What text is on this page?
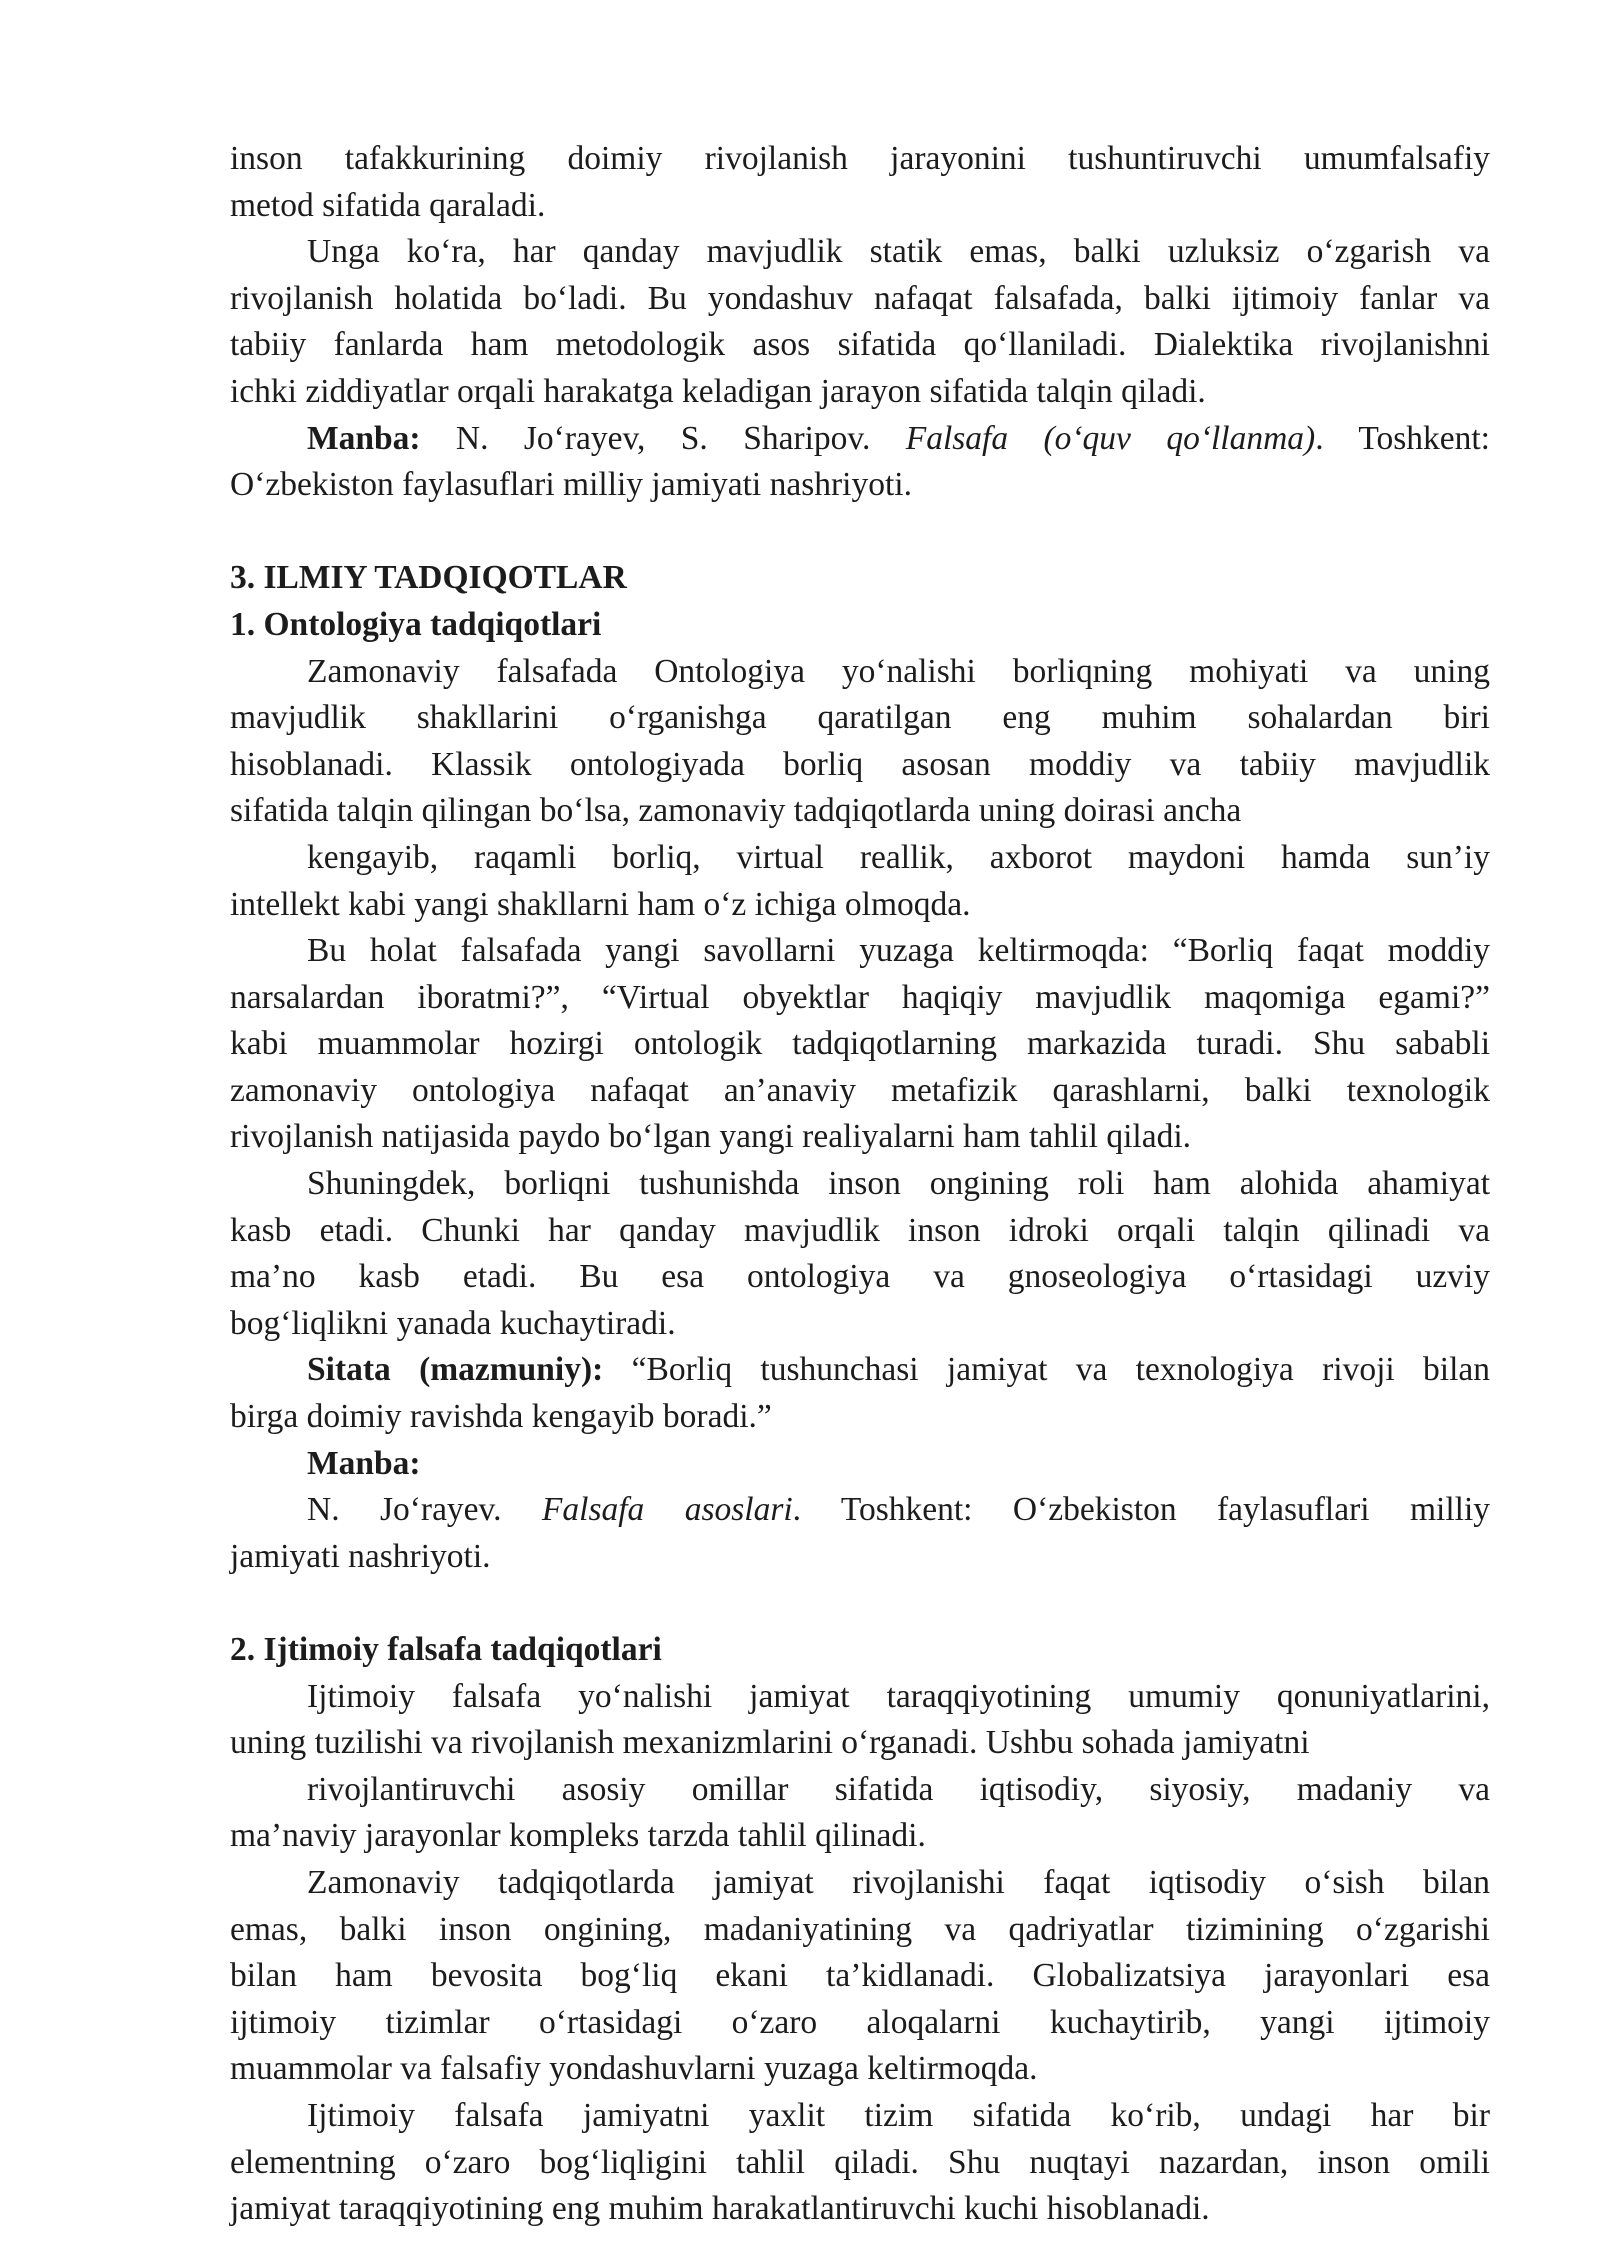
inson tafakkurining doimiy rivojlanish jarayonini tushuntiruvchi umumfalsafiy
metod sifatida qaraladi.
Unga ko‘ra, har qanday mavjudlik statik emas, balki uzluksiz o‘zgarish va
rivojlanish holatida bo‘ladi. Bu yondashuv nafaqat falsafada, balki ijtimoiy fanlar va
tabiiy fanlarda ham metodologik asos sifatida qo‘llaniladi. Dialektika rivojlanishni
ichki ziddiyatlar orqali harakatga keladigan jarayon sifatida talqin qiladi.
Manba: N. Jo‘rayev, S. Sharipov. Falsafa (o‘quv qo‘llanma). Toshkent:
O‘zbekiston faylasuflari milliy jamiyati nashriyoti.
3. ILMIY TADQIQOTLAR
1. Ontologiya tadqiqotlari
Zamonaviy falsafada Ontologiya yo‘nalishi borliqning mohiyati va uning
mavjudlik shakllarini o‘rganishga qaratilgan eng muhim sohalardan biri
hisoblanadi. Klassik ontologiyada borliq asosan moddiy va tabiiy mavjudlik
sifatida talqin qilingan bo‘lsa, zamonaviy tadqiqotlarda uning doirasi ancha
kengayib, raqamli borliq, virtual reallik, axborot maydoni hamda sun’iy
intellekt kabi yangi shakllarni ham o‘z ichiga olmoqda.
Bu holat falsafada yangi savollarni yuzaga keltirmoqda: “Borliq faqat moddiy
narsalardan iboratmi?”, “Virtual obyektlar haqiqiy mavjudlik maqomiga egami?”
kabi muammolar hozirgi ontologik tadqiqotlarning markazida turadi. Shu sababli
zamonaviy ontologiya nafaqat an’anaviy metafizik qarashlarni, balki texnologik
rivojlanish natijasida paydo bo‘lgan yangi realiyalarni ham tahlil qiladi.
Shuningdek, borliqni tushunishda inson ongining roli ham alohida ahamiyat
kasb etadi. Chunki har qanday mavjudlik inson idroki orqali talqin qilinadi va
ma’no kasb etadi. Bu esa ontologiya va gnoseologiya o‘rtasidagi uzviy
bog‘liqlikni yanada kuchaytiradi.
Sitata (mazmuniy): “Borliq tushunchasi jamiyat va texnologiya rivoji bilan
birga doimiy ravishda kengayib boradi.”
Manba:
N. Jo‘rayev. Falsafa asoslari. Toshkent: O‘zbekiston faylasuflari milliy
jamiyati nashriyoti.
2. Ijtimoiy falsafa tadqiqotlari
Ijtimoiy falsafa yo‘nalishi jamiyat taraqqiyotining umumiy qonuniyatlarini,
uning tuzilishi va rivojlanish mexanizmlarini o‘rganadi. Ushbu sohada jamiyatni
rivojlantiruvchi asosiy omillar sifatida iqtisodiy, siyosiy, madaniy va
ma’naviy jarayonlar kompleks tarzda tahlil qilinadi.
Zamonaviy tadqiqotlarda jamiyat rivojlanishi faqat iqtisodiy o‘sish bilan
emas, balki inson ongining, madaniyatining va qadriyatlar tizimining o‘zgarishi
bilan ham bevosita bog‘liq ekani ta’kidlanadi. Globalizatsiya jarayonlari esa
ijtimoiy tizimlar o‘rtasidagi o‘zaro aloqalarni kuchaytirib, yangi ijtimoiy
muammolar va falsafiy yondashuvlarni yuzaga keltirmoqda.
Ijtimoiy falsafa jamiyatni yaxlit tizim sifatida ko‘rib, undagi har bir
elementning o‘zaro bog‘liqligini tahlil qiladi. Shu nuqtayi nazardan, inson omili
jamiyat taraqqiyotining eng muhim harakatlantiruvchi kuchi hisoblanadi.
